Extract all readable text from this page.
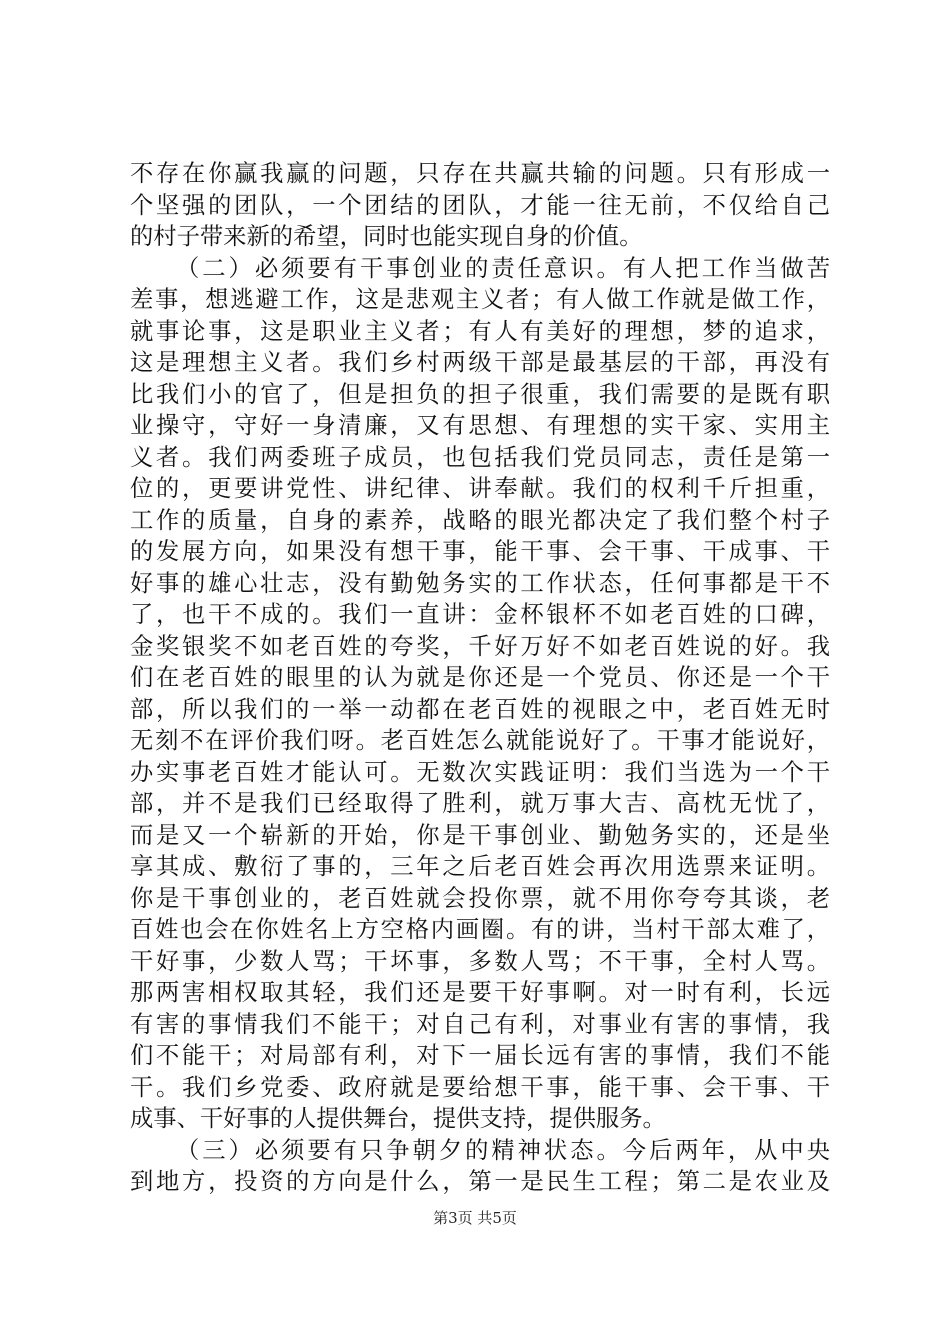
不存在你赢我赢的问题，只存在共赢共输的问题。只有形成一
个坚强的团队，一个团结的团队，才能一往无前，不仅给自己
的村子带来新的希望，同时也能实现自身的价值。
（二）必须要有干事创业的责任意识。有人把工作当做苦
差事，想逃避工作，这是悲观主义者；有人做工作就是做工作，
就事论事，这是职业主义者；有人有美好的理想，梦的追求，
这是理想主义者。我们乡村两级干部是最基层的干部，再没有
比我们小的官了，但是担负的担子很重，我们需要的是既有职
业操守，守好一身清廉，又有思想、有理想的实干家、实用主
义者。我们两委班子成员，也包括我们党员同志，责任是第一
位的，更要讲党性、讲纪律、讲奉献。我们的权利千斤担重，
工作的质量，自身的素养，战略的眼光都决定了我们整个村子
的发展方向，如果没有想干事，能干事、会干事、干成事、干
好事的雄心壮志，没有勤勉务实的工作状态，任何事都是干不
了，也干不成的。我们一直讲：金杯银杯不如老百姓的口碑，
金奖银奖不如老百姓的夸奖，千好万好不如老百姓说的好。我
们在老百姓的眼里的认为就是你还是一个党员、你还是一个干
部，所以我们的一举一动都在老百姓的视眼之中，老百姓无时
无刻不在评价我们呀。老百姓怎么就能说好了。干事才能说好，
办实事老百姓才能认可。无数次实践证明：我们当选为一个干
部，并不是我们已经取得了胜利，就万事大吉、高枕无忧了，
而是又一个崭新的开始，你是干事创业、勤勉务实的，还是坐
享其成、敷衍了事的，三年之后老百姓会再次用选票来证明。
你是干事创业的，老百姓就会投你票，就不用你夸夸其谈，老
百姓也会在你姓名上方空格内画圈。有的讲，当村干部太难了，
干好事，少数人骂；干坏事，多数人骂；不干事，全村人骂。
那两害相权取其轻，我们还是要干好事啊。对一时有利，长远
有害的事情我们不能干；对自己有利，对事业有害的事情，我
们不能干；对局部有利，对下一届长远有害的事情，我们不能
干。我们乡党委、政府就是要给想干事，能干事、会干事、干
成事、干好事的人提供舞台，提供支持，提供服务。
（三）必须要有只争朝夕的精神状态。今后两年，从中央
到地方，投资的方向是什么，第一是民生工程；第二是农业及
第3页 共5页
